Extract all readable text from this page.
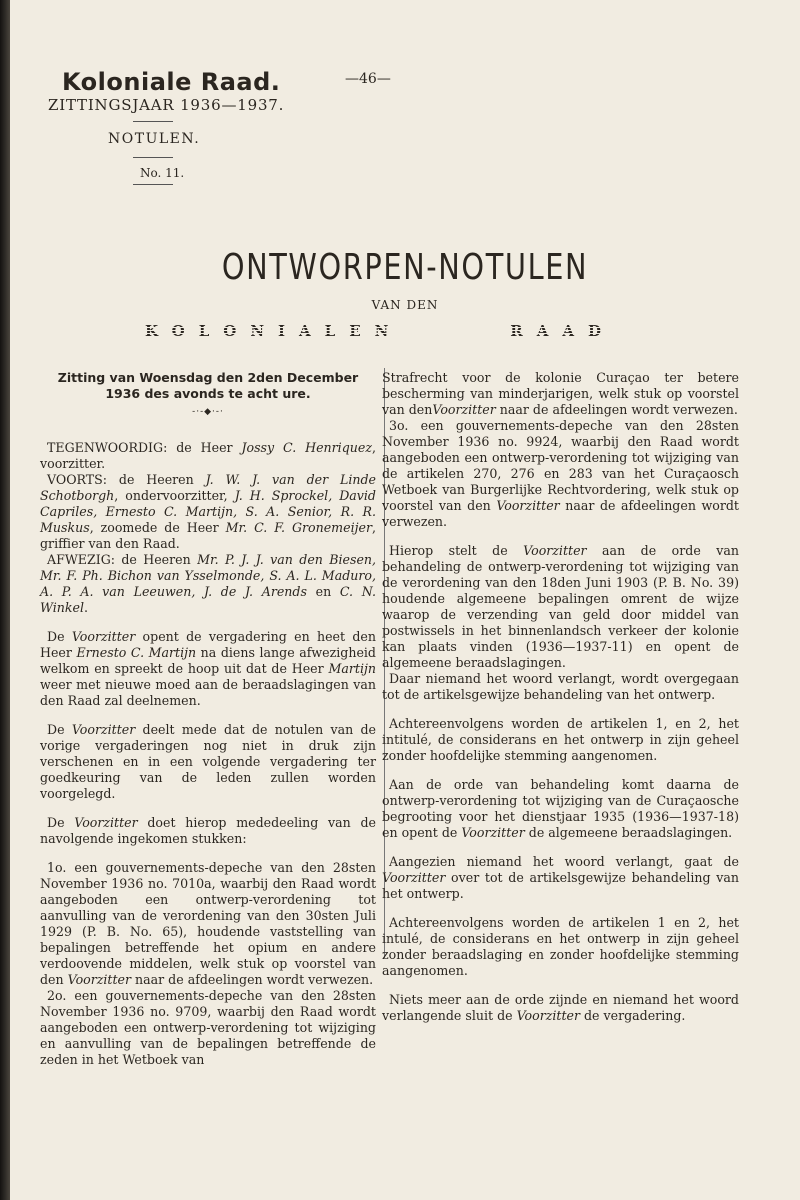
Koloniale Raad.	—46—
ZITTINGSJAAR 1936—1937.
NOTULEN.
No. 11.
ONTWORPEN-NOTULEN
VAN DEN
KOLONIALEN	RAAD
Zitting van Woensdag den 2den December 1936 des avonds te acht ure.
-·-◆·-·

TEGENWOORDIG: de Heer Jossy C. Henriquez, voorzitter.

VOORTS: de Heeren J. W. J. van der Linde Schotborgh, ondervoorzitter, J. H. Sprockel, David Capriles, Ernesto C. Martijn, S. A. Senior, R. R. Muskus, zoomede de Heer Mr. C. F. Gronemeijer, griffier van den Raad.

AFWEZIG: de Heeren Mr. P. J. J. van den Biesen, Mr. F. Ph. Bichon van Ysselmonde, S. A. L. Maduro, A. P. A. van Leeuwen, J. de J. Arends en C. N. Winkel.

De Voorzitter opent de vergadering en heet den Heer Ernesto C. Martijn na diens lange afwezigheid welkom en spreekt de hoop uit dat de Heer Martijn weer met nieuwe moed aan de beraadslagingen van den Raad zal deelnemen.

De Voorzitter deelt mede dat de notulen van de vorige vergaderingen nog niet in druk zijn verschenen en in een volgende vergadering ter goedkeuring van de leden zullen worden voorgelegd.

De Voorzitter doet hierop mededeeling van de navolgende ingekomen stukken:

1o. een gouvernements-depeche van den 28sten November 1936 no. 7010a, waarbij den Raad wordt aangeboden een ontwerp-verordening tot aanvulling van de verordening van den 30sten Juli 1929 (P. B. No. 65), houdende vaststelling van bepalingen betreffende het opium en andere verdoovende middelen, welk stuk op voorstel van den Voorzitter naar de afdeelingen wordt verwezen.

2o. een gouvernements-depeche van den 28sten November 1936 no. 9709, waarbij den Raad wordt aangeboden een ontwerp-verordening tot wijziging en aanvulling van de bepalingen betreffende de zeden in het Wetboek van

Strafrecht voor de kolonie Curaçao ter betere bescherming van minderjarigen, welk stuk op voorstel van denVoorzitter naar de afdeelingen wordt verwezen.

3o. een gouvernements-depeche van den 28sten November 1936 no. 9924, waarbij den Raad wordt aangeboden een ontwerp-verordening tot wijziging van de artikelen 270, 276 en 283 van het Curaçaosch Wetboek van Burgerlijke Rechtvordering, welk stuk op voorstel van den Voorzitter naar de afdeelingen wordt verwezen.

Hierop stelt de Voorzitter aan de orde van behandeling de ontwerp-verordening tot wijziging van de verordening van den 18den Juni 1903 (P. B. No. 39) houdende algemeene bepalingen omrent de wijze waarop de verzending van geld door middel van postwissels in het binnenlandsch verkeer der kolonie kan plaats vinden (1936—1937-11) en opent de algemeene beraadslagingen.

Daar niemand het woord verlangt, wordt overgegaan tot de artikelsgewijze behandeling van het ontwerp.

Achtereenvolgens worden de artikelen 1, en 2, het intitulé, de considerans en het ontwerp in zijn geheel zonder hoofdelijke stemming aangenomen.

Aan de orde van behandeling komt daarna de ontwerp-verordening tot wijziging van de Curaçaosche begrooting voor het dienstjaar 1935 (1936—1937-18) en opent de Voorzitter de algemeene beraadslagingen.

Aangezien niemand het woord verlangt, gaat de Voorzitter over tot de artikelsgewijze behandeling van het ontwerp.

Achtereenvolgens worden de artikelen 1 en 2, het intulé, de considerans en het ontwerp in zijn geheel zonder beraadslaging en zonder hoofdelijke stemming aangenomen.

Niets meer aan de orde zijnde en niemand het woord verlangende sluit de Voorzitter de vergadering.
